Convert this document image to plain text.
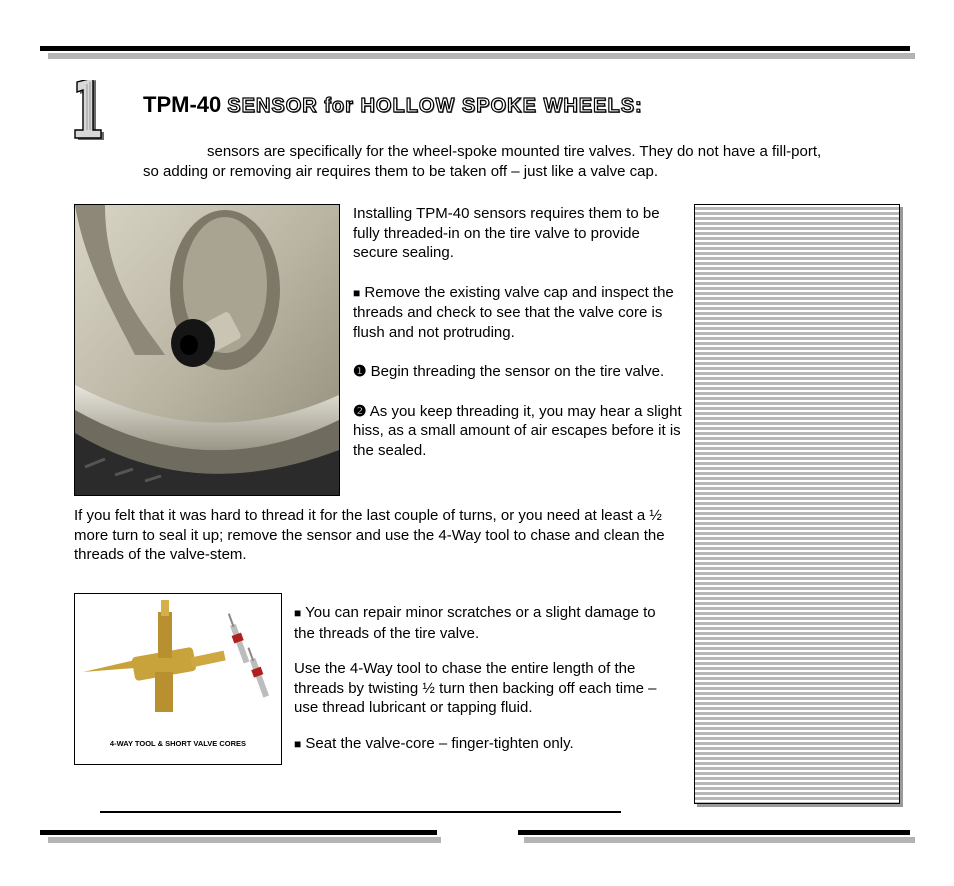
1
TPM-40 SENSOR for HOLLOW SPOKE WHEELS:

sensors are specifically for the wheel-spoke mounted tire valves. They do not have a fill-port,

so adding or removing air requires them to be taken off – just like a valve cap.

Installing TPM-40 sensors requires them to be fully threaded-in on the tire valve to provide secure sealing.

■ Remove the existing valve cap and inspect the threads and check to see that the valve core is flush and not protruding.

❶ Begin threading the sensor on the tire valve.

❷ As you keep threading it, you may hear a slight hiss, as a small amount of air escapes before it is the sealed.

If you felt that it was hard to thread it for the last couple of turns, or you need at least a ½ more turn to seal it up; remove the sensor and use the 4-Way tool to chase and clean the threads of the valve-stem.

4-WAY TOOL & SHORT VALVE CORES

■ You can repair minor scratches or a slight damage to the threads of the tire valve.

Use the 4-Way tool to chase the entire length of the threads by twisting ½ turn then backing off each time – use thread lubricant or tapping fluid.

■ Seat the valve-core – finger-tighten only.
